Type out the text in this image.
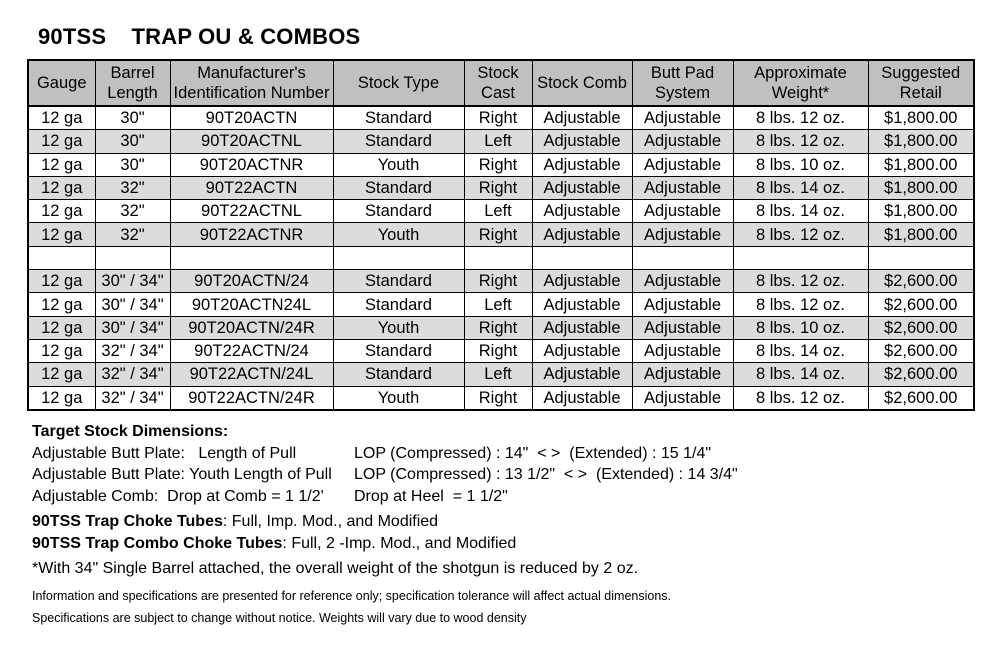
90TSS    TRAP OU & COMBOS
Gauge	Barrel Length	Manufacturer's Identification Number	Stock Type	Stock Cast	Stock Comb	Butt Pad System	Approximate Weight*	Suggested Retail
12 ga	30"	90T20ACTN	Standard	Right	Adjustable	Adjustable	8 lbs. 12 oz.	$1,800.00
12 ga	30"	90T20ACTNL	Standard	Left	Adjustable	Adjustable	8 lbs. 12 oz.	$1,800.00
12 ga	30"	90T20ACTNR	Youth	Right	Adjustable	Adjustable	8 lbs. 10 oz.	$1,800.00
12 ga	32"	90T22ACTN	Standard	Right	Adjustable	Adjustable	8 lbs. 14 oz.	$1,800.00
12 ga	32"	90T22ACTNL	Standard	Left	Adjustable	Adjustable	8 lbs. 14 oz.	$1,800.00
12 ga	32"	90T22ACTNR	Youth	Right	Adjustable	Adjustable	8 lbs. 12 oz.	$1,800.00

12 ga	30" / 34"	90T20ACTN/24	Standard	Right	Adjustable	Adjustable	8 lbs. 12 oz.	$2,600.00
12 ga	30" / 34"	90T20ACTN24L	Standard	Left	Adjustable	Adjustable	8 lbs. 12 oz.	$2,600.00
12 ga	30" / 34"	90T20ACTN/24R	Youth	Right	Adjustable	Adjustable	8 lbs. 10 oz.	$2,600.00
12 ga	32" / 34"	90T22ACTN/24	Standard	Right	Adjustable	Adjustable	8 lbs. 14 oz.	$2,600.00
12 ga	32" / 34"	90T22ACTN/24L	Standard	Left	Adjustable	Adjustable	8 lbs. 14 oz.	$2,600.00
12 ga	32" / 34"	90T22ACTN/24R	Youth	Right	Adjustable	Adjustable	8 lbs. 12 oz.	$2,600.00
Target Stock Dimensions:
Adjustable Butt Plate:   Length of Pull	LOP (Compressed) : 14"  < >  (Extended) : 15 1/4"
Adjustable Butt Plate: Youth Length of Pull LOP (Compressed) : 13 1/2"  < >  (Extended) : 14 3/4"
Adjustable Comb:  Drop at Comb = 1 1/2' Drop at Heel  = 1 1/2"
90TSS Trap Choke Tubes: Full, Imp. Mod., and Modified
90TSS Trap Combo Choke Tubes: Full, 2 -Imp. Mod., and Modified
*With 34" Single Barrel attached, the overall weight of the shotgun is reduced by 2 oz.
Information and specifications are presented for reference only; specification tolerance will affect actual dimensions.
Specifications are subject to change without notice. Weights will vary due to wood density
